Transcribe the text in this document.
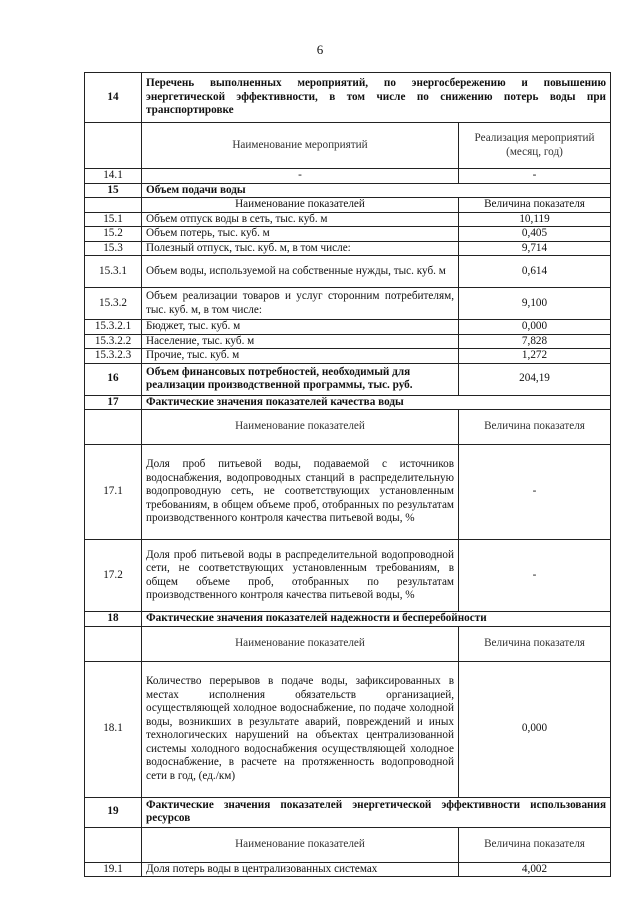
6
14	Перечень выполненных мероприятий, по энергосбережению и повышению энергетической эффективности, в том числе по снижению потерь воды при транспортировке	
	Наименование мероприятий	Реализация мероприятий (месяц, год)
14.1	-	-
15	Объем подачи воды	
	Наименование показателей	Величина показателя
15.1	Объем отпуск воды в сеть, тыс. куб. м	10,119
15.2	Объем потерь, тыс. куб. м	0,405
15.3	Полезный отпуск, тыс. куб. м, в том числе:	9,714
15.3.1	Объем воды, используемой на собственные нужды, тыс. куб. м	0,614
15.3.2	Объем реализации товаров и услуг сторонним потребителям, тыс. куб. м, в том числе:	9,100
15.3.2.1	Бюджет, тыс. куб. м	0,000
15.3.2.2	Население, тыс. куб. м	7,828
15.3.2.3	Прочие, тыс. куб. м	1,272
16	Объем финансовых потребностей, необходимый для реализации производственной программы, тыс. руб.	204,19
17	Фактические значения показателей качества воды	
	Наименование показателей	Величина показателя
17.1	Доля проб питьевой воды, подаваемой с источников водоснабжения, водопроводных станций в распределительную водопроводную сеть, не соответствующих установленным требованиям, в общем объеме проб, отобранных по результатам производственного контроля качества питьевой воды, %	-
17.2	Доля проб питьевой воды в распределительной водопроводной сети, не соответствующих установленным требованиям, в общем объеме проб, отобранных по результатам производственного контроля качества питьевой воды, %	-
18	Фактические значения показателей надежности и бесперебойности	
	Наименование показателей	Величина показателя
18.1	Количество перерывов в подаче воды, зафиксированных в местах исполнения обязательств организацией, осуществляющей холодное водоснабжение, по подаче холодной воды, возникших в результате аварий, повреждений и иных технологических нарушений на объектах централизованной системы холодного водоснабжения осуществляющей холодное водоснабжение, в расчете на протяженность водопроводной сети в год, (ед./км)	0,000
19	Фактические значения показателей энергетической эффективности использования ресурсов	
	Наименование показателей	Величина показателя
19.1	Доля потерь воды в централизованных системах	4,002
